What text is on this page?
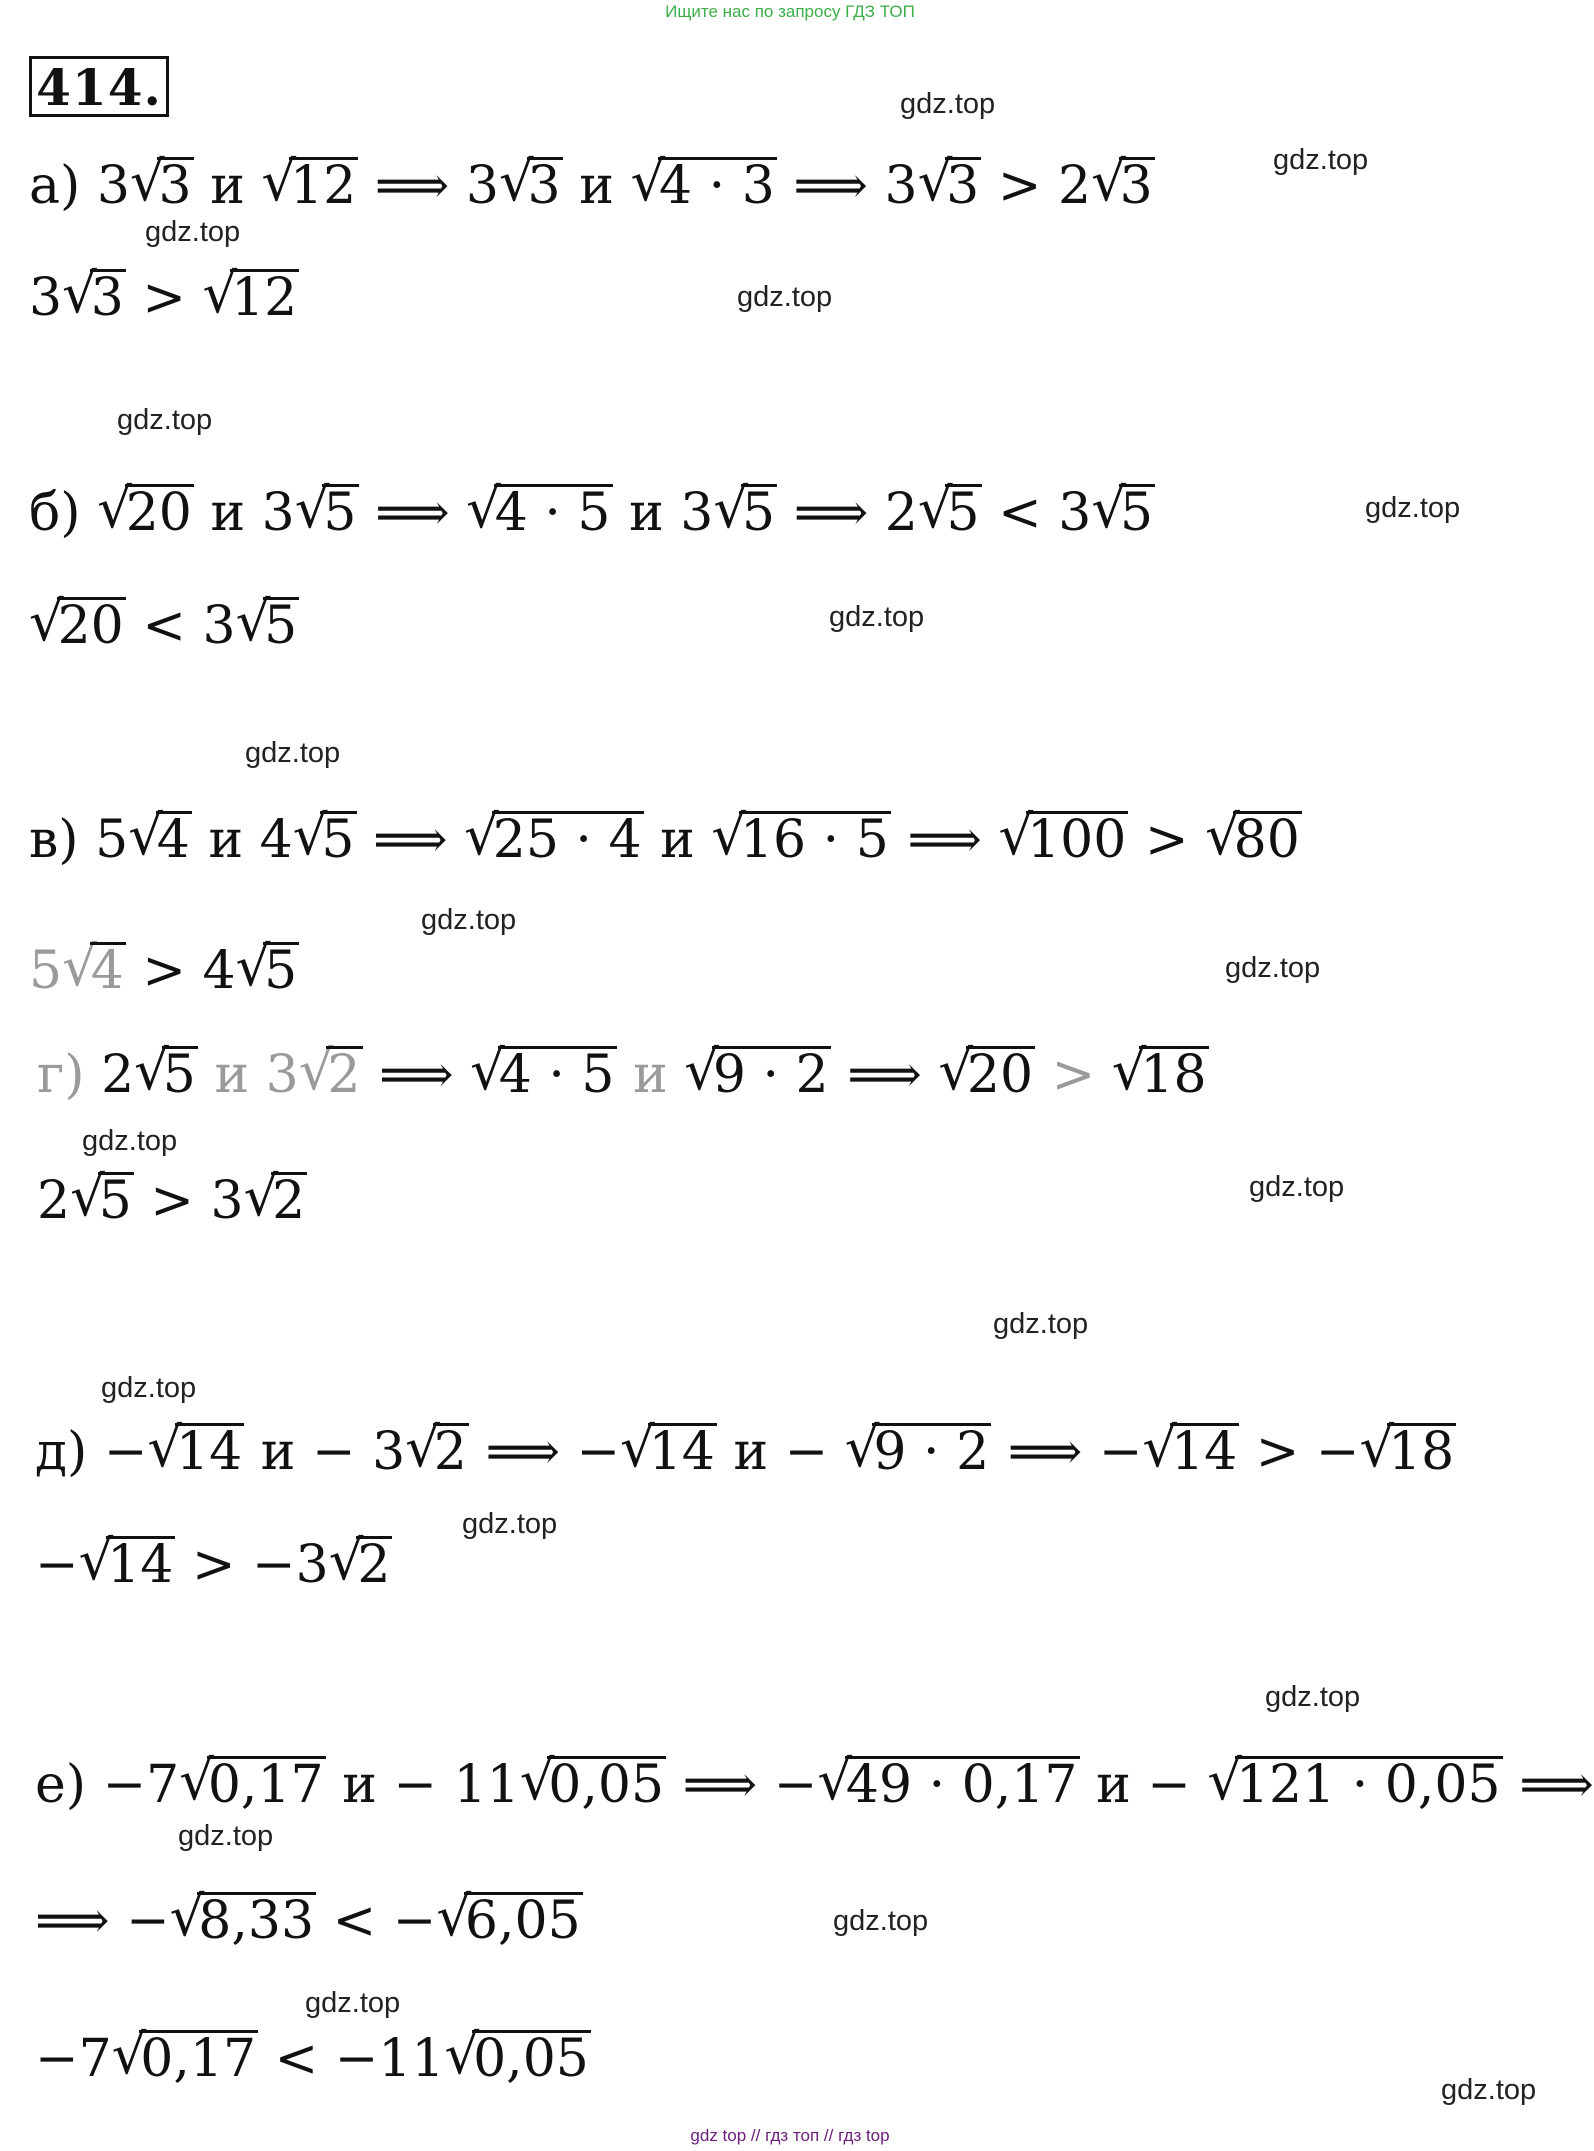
Ищите нас по запросу ГДЗ ТОП
414.
а) 3 √ 3 и √ 12 ⟹ 3 √ 3 и √ 4 · 3 ⟹ 3 √ 3 > 2 √ 3
3 √ 3 > √ 12
б) √ 20 и 3 √ 5 ⟹ √ 4 · 5 и 3 √ 5 ⟹ 2 √ 5 < 3 √ 5
√ 20 < 3 √ 5
в) 5 √ 4 и 4 √ 5 ⟹ √ 25 · 4 и √ 16 · 5 ⟹ √ 100 > √ 80
5 √ 4 > 4 √ 5
г) 2 √ 5 и 3 √ 2 ⟹ √ 4 · 5 и √ 9 · 2 ⟹ √ 20 > √ 18
2 √ 5 > 3 √ 2
д) − √ 14 и − 3 √ 2 ⟹ − √ 14 и − √ 9 · 2 ⟹ − √ 14 > − √ 18
− √ 14 > −3 √ 2
е) −7 √ 0,17 и − 11 √ 0,05 ⟹ − √ 49 · 0,17 и − √ 121 · 0,05 ⟹
⟹ − √ 8,33 < − √ 6,05
−7 √ 0,17 < −11 √ 0,05
gdz.top
gdz.top
gdz.top
gdz.top
gdz.top
gdz.top
gdz.top
gdz.top
gdz.top
gdz.top
gdz.top
gdz.top
gdz.top
gdz.top
gdz.top
gdz.top
gdz.top
gdz.top
gdz.top
gdz.top
gdz top // гдз топ // гдз top
